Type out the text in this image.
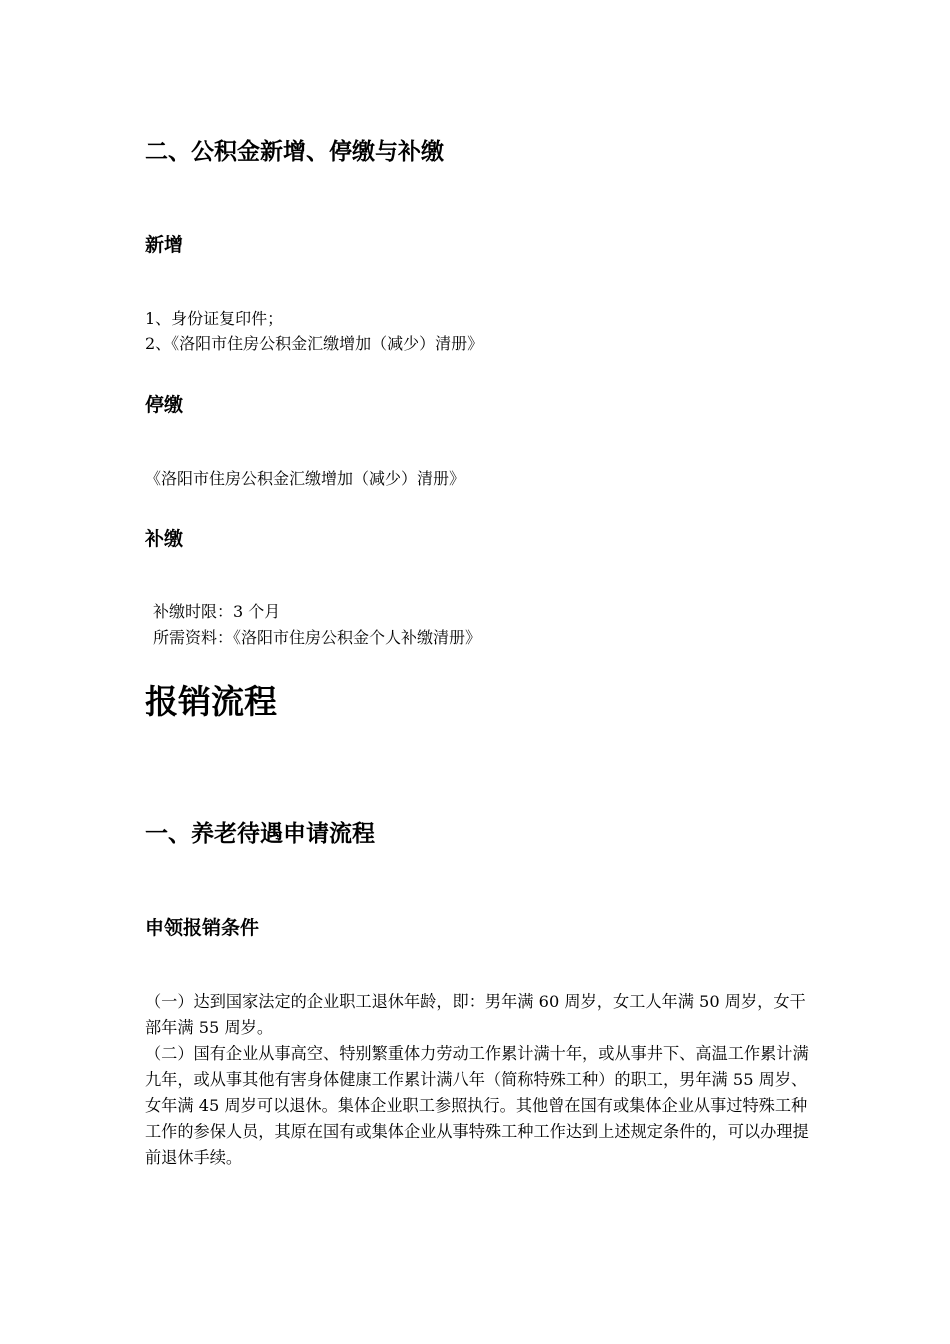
二、公积金新增、停缴与补缴
新增
1、身份证复印件；
2、《洛阳市住房公积金汇缴增加（减少）清册》
停缴
《洛阳市住房公积金汇缴增加（减少）清册》
补缴
补缴时限：3 个月
所需资料：《洛阳市住房公积金个人补缴清册》
报销流程
一、养老待遇申请流程
申领报销条件
（一）达到国家法定的企业职工退休年龄，即：男年满 60 周岁，女工人年满 50 周岁，女干部年满 55 周岁。
（二）国有企业从事高空、特别繁重体力劳动工作累计满十年，或从事井下、高温工作累计满九年，或从事其他有害身体健康工作累计满八年（简称特殊工种）的职工，男年满 55 周岁、女年满 45 周岁可以退休。集体企业职工参照执行。其他曾在国有或集体企业从事过特殊工种工作的参保人员，其原在国有或集体企业从事特殊工种工作达到上述规定条件的，可以办理提前退休手续。
